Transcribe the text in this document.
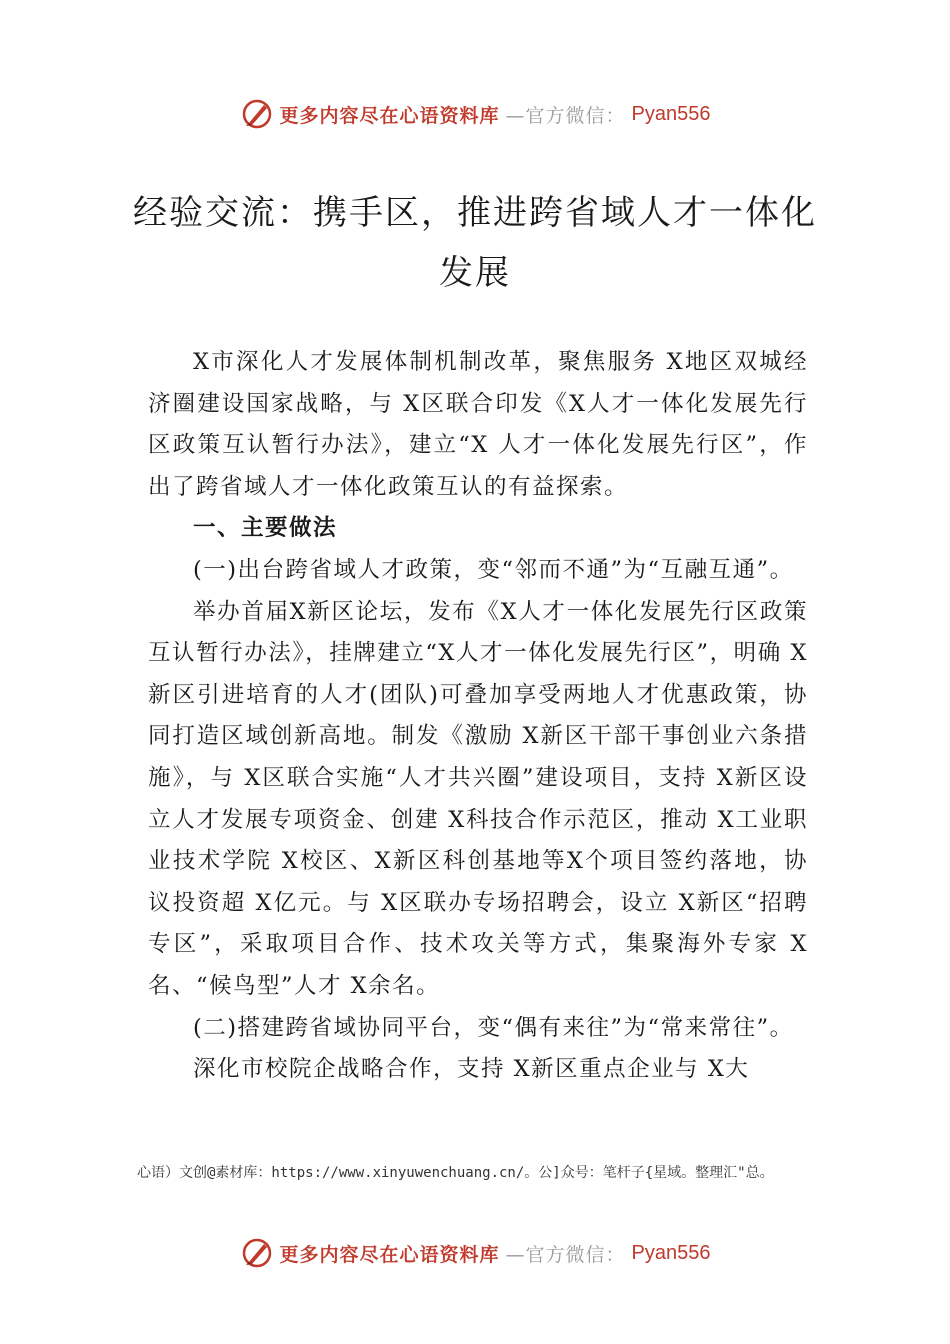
更多内容尽在心语资料库 —官方微信： Pyan556
经验交流：携手区，推进跨省域人才一体化发展

X市深化人才发展体制机制改革，聚焦服务 X地区双城经济圈建设国家战略，与 X区联合印发《X人才一体化发展先行区政策互认暂行办法》，建立“X 人才一体化发展先行区”，作出了跨省域人才一体化政策互认的有益探索。

一、主要做法

(一)出台跨省域人才政策，变“邻而不通”为“互融互通”。

举办首届X新区论坛，发布《X人才一体化发展先行区政策互认暂行办法》，挂牌建立“X人才一体化发展先行区”，明确 X新区引进培育的人才(团队)可叠加享受两地人才优惠政策，协同打造区域创新高地。制发《激励 X新区干部干事创业六条措施》，与 X区联合实施“人才共兴圈”建设项目，支持 X新区设立人才发展专项资金、创建 X科技合作示范区，推动 X工业职业技术学院 X校区、X新区科创基地等X个项目签约落地，协议投资超 X亿元。与 X区联办专场招聘会，设立 X新区“招聘专区”，采取项目合作、技术攻关等方式，集聚海外专家 X名、“候鸟型”人才 X余名。

(二)搭建跨省域协同平台，变“偶有来往”为“常来常往”。

深化市校院企战略合作，支持 X新区重点企业与 X大

心语）文创@素材库：https://www.xinyuwenchuang.cn/。公]众号：笔杆子{星域。整理汇"总。
更多内容尽在心语资料库 —官方微信： Pyan556
